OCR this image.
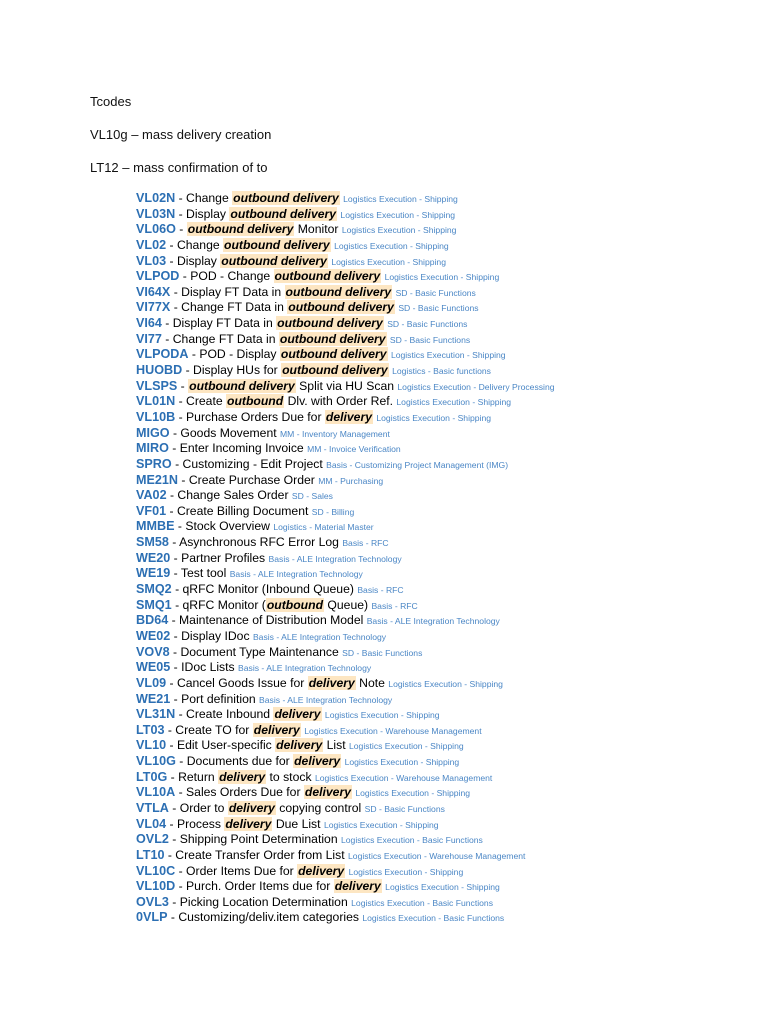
Tcodes
VL10g – mass delivery creation
LT12 – mass confirmation of to
VL02N - Change outbound delivery Logistics Execution - Shipping
VL03N - Display outbound delivery Logistics Execution - Shipping
VL06O - outbound delivery Monitor Logistics Execution - Shipping
VL02 - Change outbound delivery Logistics Execution - Shipping
VL03 - Display outbound delivery Logistics Execution - Shipping
VLPOD - POD - Change outbound delivery Logistics Execution - Shipping
VI64X - Display FT Data in outbound delivery SD - Basic Functions
VI77X - Change FT Data in outbound delivery SD - Basic Functions
VI64 - Display FT Data in outbound delivery SD - Basic Functions
VI77 - Change FT Data in outbound delivery SD - Basic Functions
VLPODA - POD - Display outbound delivery Logistics Execution - Shipping
HUOBD - Display HUs for outbound delivery Logistics - Basic functions
VLSPS - outbound delivery Split via HU Scan Logistics Execution - Delivery Processing
VL01N - Create outbound Dlv. with Order Ref. Logistics Execution - Shipping
VL10B - Purchase Orders Due for delivery Logistics Execution - Shipping
MIGO - Goods Movement MM - Inventory Management
MIRO - Enter Incoming Invoice MM - Invoice Verification
SPRO - Customizing - Edit Project Basis - Customizing Project Management (IMG)
ME21N - Create Purchase Order MM - Purchasing
VA02 - Change Sales Order SD - Sales
VF01 - Create Billing Document SD - Billing
MMBE - Stock Overview Logistics - Material Master
SM58 - Asynchronous RFC Error Log Basis - RFC
WE20 - Partner Profiles Basis - ALE Integration Technology
WE19 - Test tool Basis - ALE Integration Technology
SMQ2 - qRFC Monitor (Inbound Queue) Basis - RFC
SMQ1 - qRFC Monitor (outbound Queue) Basis - RFC
BD64 - Maintenance of Distribution Model Basis - ALE Integration Technology
WE02 - Display IDoc Basis - ALE Integration Technology
VOV8 - Document Type Maintenance SD - Basic Functions
WE05 - IDoc Lists Basis - ALE Integration Technology
VL09 - Cancel Goods Issue for delivery Note Logistics Execution - Shipping
WE21 - Port definition Basis - ALE Integration Technology
VL31N - Create Inbound delivery Logistics Execution - Shipping
LT03 - Create TO for delivery Logistics Execution - Warehouse Management
VL10 - Edit User-specific delivery List Logistics Execution - Shipping
VL10G - Documents due for delivery Logistics Execution - Shipping
LT0G - Return delivery to stock Logistics Execution - Warehouse Management
VL10A - Sales Orders Due for delivery Logistics Execution - Shipping
VTLA - Order to delivery copying control SD - Basic Functions
VL04 - Process delivery Due List Logistics Execution - Shipping
OVL2 - Shipping Point Determination Logistics Execution - Basic Functions
LT10 - Create Transfer Order from List Logistics Execution - Warehouse Management
VL10C - Order Items Due for delivery Logistics Execution - Shipping
VL10D - Purch. Order Items due for delivery Logistics Execution - Shipping
OVL3 - Picking Location Determination Logistics Execution - Basic Functions
0VLP - Customizing/deliv.item categories Logistics Execution - Basic Functions
